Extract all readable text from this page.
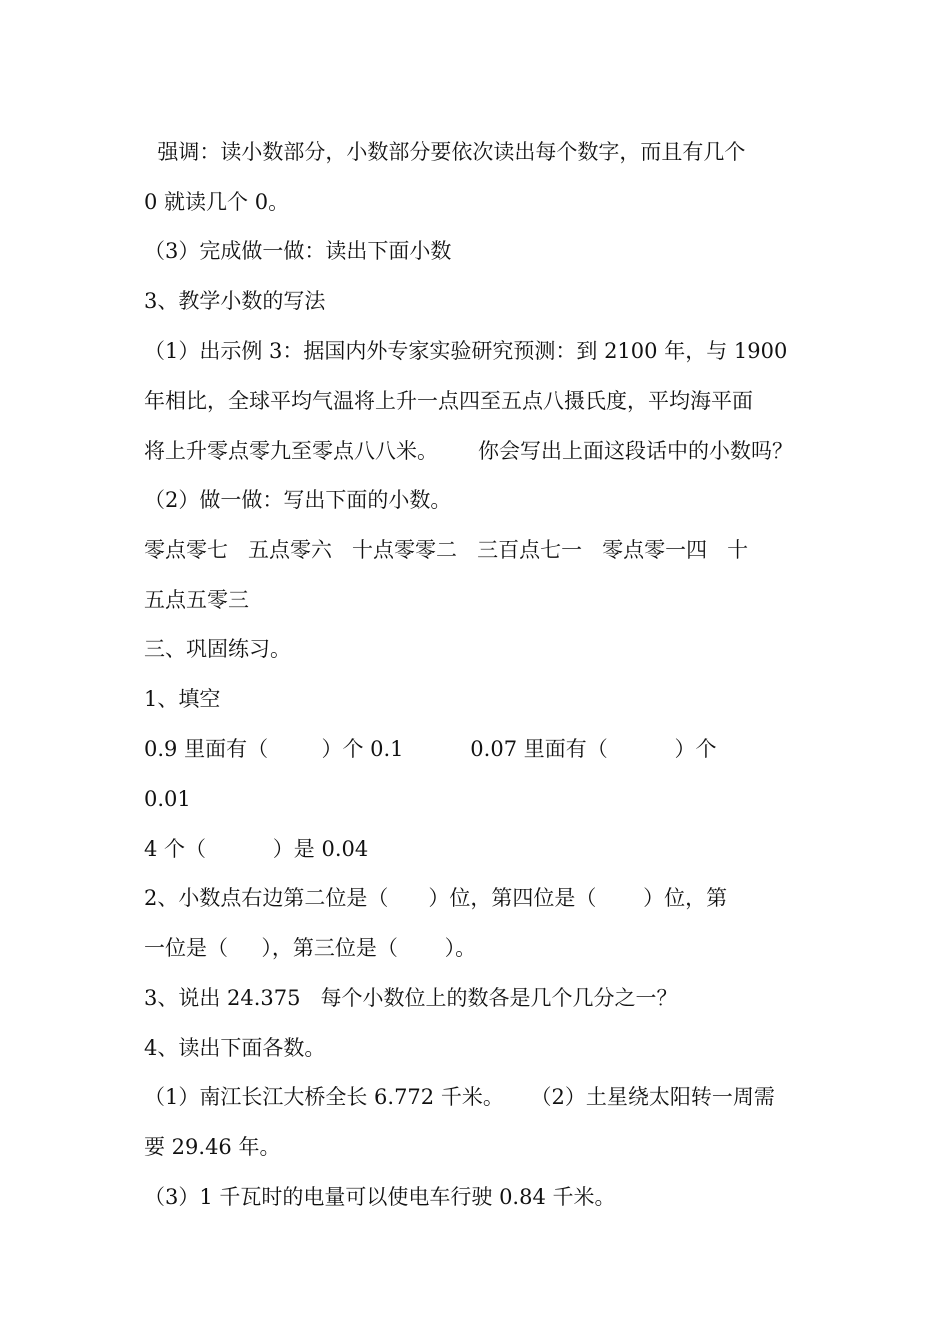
强调：读小数部分，小数部分要依次读出每个数字，而且有几个
0 就读几个 0。
（3）完成做一做：读出下面小数
3、教学小数的写法
（1）出示例 3：据国内外专家实验研究预测：到 2100 年，与 1900
年相比，全球平均气温将上升一点四至五点八摄氏度，平均海平面
将上升零点零九至零点八八米。      你会写出上面这段话中的小数吗？
（2）做一做：写出下面的小数。
零点零七   五点零六   十点零零二   三百点七一   零点零一四   十
五点五零三
三、巩固练习。
1、填空
0.9 里面有（        ）个 0.1          0.07 里面有（          ）个
0.01
4 个（          ）是 0.04
2、小数点右边第二位是（      ）位，第四位是（       ）位，第
一位是（     ），第三位是（       ）。
3、说出 24.375   每个小数位上的数各是几个几分之一？
4、读出下面各数。
（1）南江长江大桥全长 6.772 千米。    （2）土星绕太阳转一周需
要 29.46 年。
（3）1 千瓦时的电量可以使电车行驶 0.84 千米。
